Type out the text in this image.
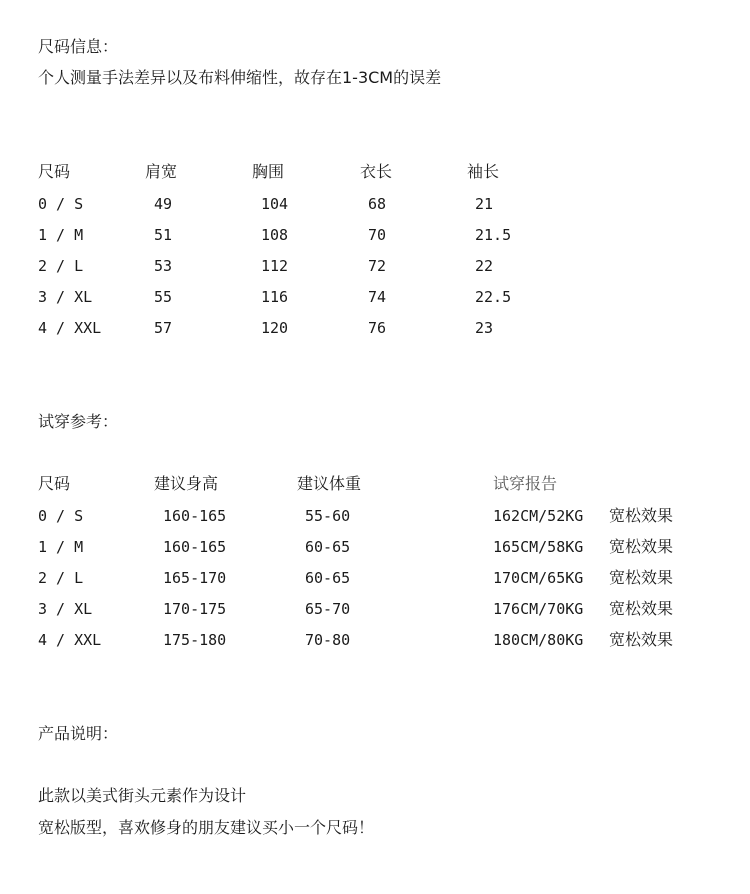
尺码信息：
个人测量手法差异以及布料伸缩性，故存在1-3CM的误差
尺码	肩宽	胸围	衣长	袖长
0 / S	49	104	68	21
1 / M	51	108	70	21.5
2 / L	53	112	72	22
3 / XL	55	116	74	22.5
4 / XXL	57	120	76	23
试穿参考：
尺码	建议身高	建议体重	试穿报告
0 / S	160-165	55-60	162CM/52KG 宽松效果
1 / M	160-165	60-65	165CM/58KG 宽松效果
2 / L	165-170	60-65	170CM/65KG 宽松效果
3 / XL	170-175	65-70	176CM/70KG 宽松效果
4 / XXL	175-180	70-80	180CM/80KG 宽松效果
产品说明：
此款以美式街头元素作为设计
宽松版型，喜欢修身的朋友建议买小一个尺码！
